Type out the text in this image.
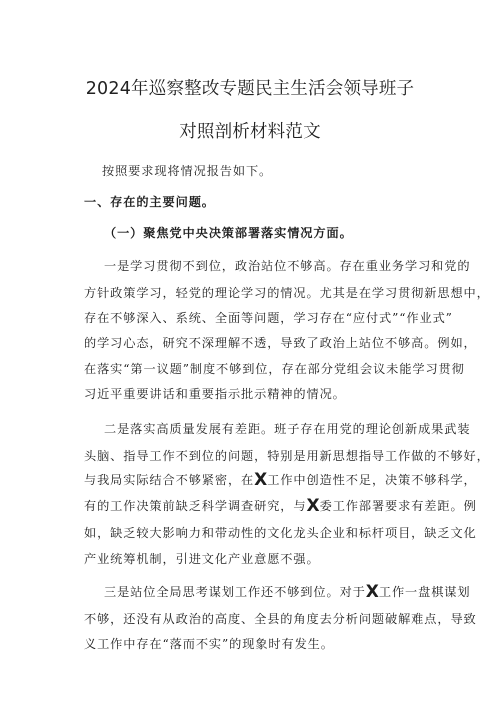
2024年巡察整改专题民主生活会领导班子
对照剖析材料范文
按照要求现将情况报告如下。
一、存在的主要问题。
（一）聚焦党中央决策部署落实情况方面。
一是学习贯彻不到位，政治站位不够高。存在重业务学习和党的
方针政策学习，轻党的理论学习的情况。尤其是在学习贯彻新思想中，
存在不够深入、系统、全面等问题，学习存在“应付式”“作业式”
的学习心态，研究不深理解不透，导致了政治上站位不够高。例如，
在落实“第一议题”制度不够到位，存在部分党组会议未能学习贯彻
习近平重要讲话和重要指示批示精神的情况。
二是落实高质量发展有差距。班子存在用党的理论创新成果武装
头脑、指导工作不到位的问题，特别是用新思想指导工作做的不够好，
与我局实际结合不够紧密，在X工作中创造性不足，决策不够科学，
有的工作决策前缺乏科学调查研究，与X委工作部署要求有差距。例
如，缺乏较大影响力和带动性的文化龙头企业和标杆项目，缺乏文化
产业统筹机制，引进文化产业意愿不强。
三是站位全局思考谋划工作还不够到位。对于X工作一盘棋谋划
不够，还没有从政治的高度、全县的角度去分析问题破解难点，导致
义工作中存在“落而不实”的现象时有发生。
